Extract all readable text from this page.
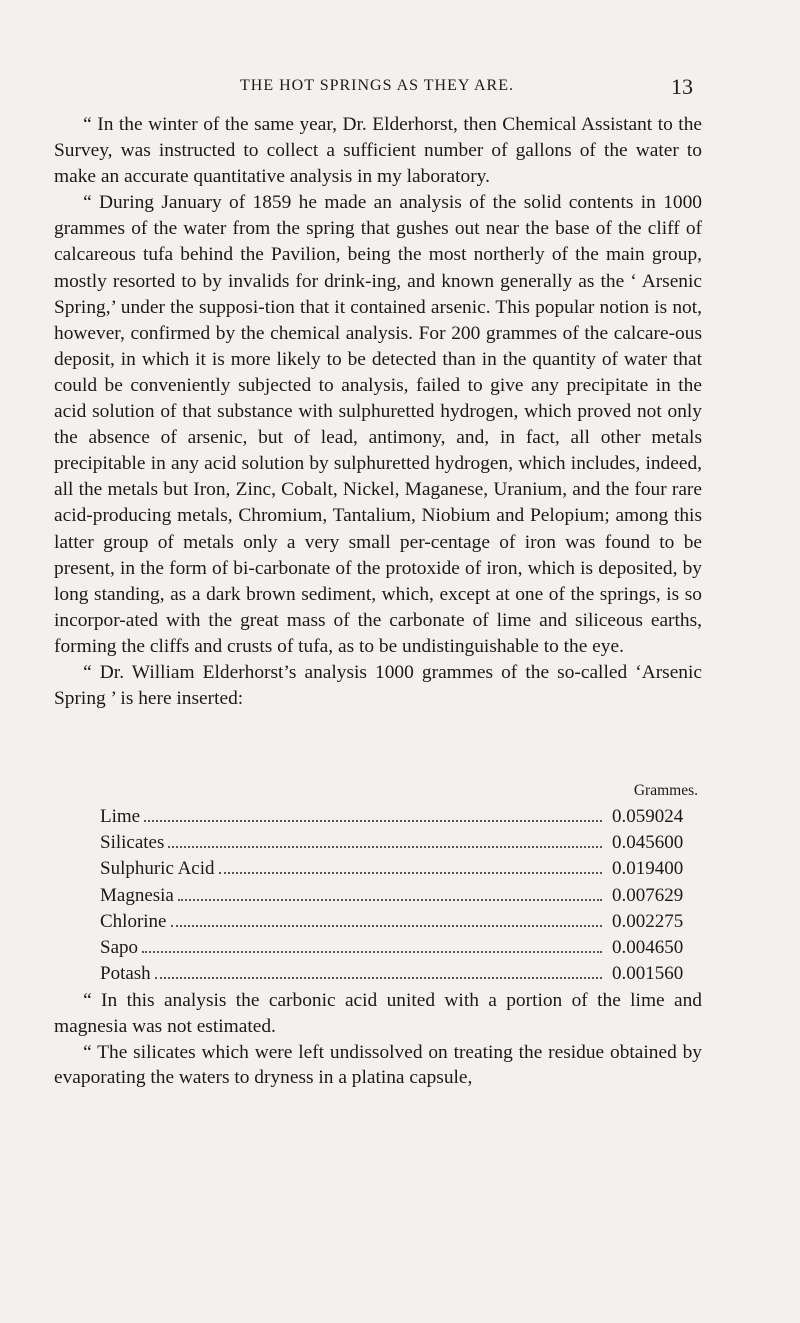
THE HOT SPRINGS AS THEY ARE.	13

“ In the winter of the same year, Dr. Elderhorst, then Chemical Assistant to the Survey, was instructed to collect a sufficient number of gallons of the water to make an accurate quantitative analysis in my laboratory.

“ During January of 1859 he made an analysis of the solid contents in 1000 grammes of the water from the spring that gushes out near the base of the cliff of calcareous tufa behind the Pavilion, being the most northerly of the main group, mostly resorted to by invalids for drink-ing, and known generally as the ‘ Arsenic Spring,’ under the supposi-tion that it contained arsenic. This popular notion is not, however, confirmed by the chemical analysis. For 200 grammes of the calcare-ous deposit, in which it is more likely to be detected than in the quantity of water that could be conveniently subjected to analysis, failed to give any precipitate in the acid solution of that substance with sulphuretted hydrogen, which proved not only the absence of arsenic, but of lead, antimony, and, in fact, all other metals precipitable in any acid solution by sulphuretted hydrogen, which includes, indeed, all the metals but Iron, Zinc, Cobalt, Nickel, Maganese, Uranium, and the four rare acid-producing metals, Chromium, Tantalium, Niobium and Pelopium; among this latter group of metals only a very small per-centage of iron was found to be present, in the form of bi-carbonate of the protoxide of iron, which is deposited, by long standing, as a dark brown sediment, which, except at one of the springs, is so incorpor-ated with the great mass of the carbonate of lime and siliceous earths, forming the cliffs and crusts of tufa, as to be undistinguishable to the eye.

“ Dr. William Elderhorst’s analysis 1000 grammes of the so-called ‘Arsenic Spring ’ is here inserted:

Grammes.
Lime	0.059024
Silicates	0.045600
Sulphuric Acid	0.019400
Magnesia	0.007629
Chlorine	0.002275
Sapo	0.004650
Potash	0.001560

“ In this analysis the carbonic acid united with a portion of the lime and magnesia was not estimated.

“ The silicates which were left undissolved on treating the residue obtained by evaporating the waters to dryness in a platina capsule,
